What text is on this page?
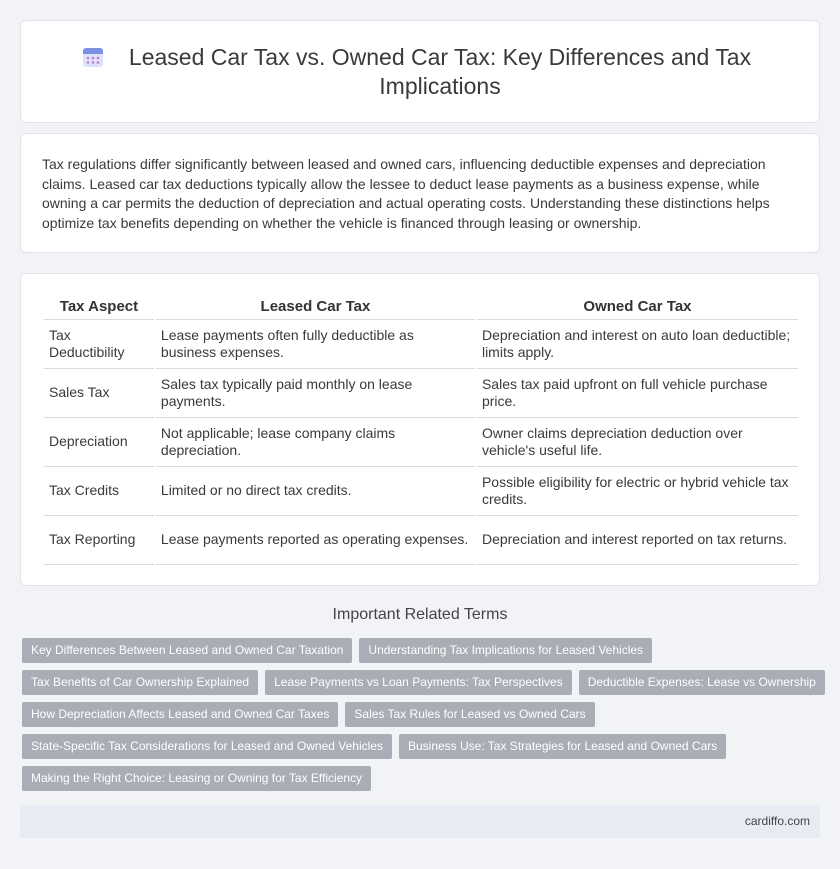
Leased Car Tax vs. Owned Car Tax: Key Differences and Tax Implications

Tax regulations differ significantly between leased and owned cars, influencing deductible expenses and depreciation claims. Leased car tax deductions typically allow the lessee to deduct lease payments as a business expense, while owning a car permits the deduction of depreciation and actual operating costs. Understanding these distinctions helps optimize tax benefits depending on whether the vehicle is financed through leasing or ownership.

Tax Aspect	Leased Car Tax	Owned Car Tax
Tax Deductibility	Lease payments often fully deductible as business expenses.	Depreciation and interest on auto loan deductible; limits apply.
Sales Tax	Sales tax typically paid monthly on lease payments.	Sales tax paid upfront on full vehicle purchase price.
Depreciation	Not applicable; lease company claims depreciation.	Owner claims depreciation deduction over vehicle's useful life.
Tax Credits	Limited or no direct tax credits.	Possible eligibility for electric or hybrid vehicle tax credits.
Tax Reporting	Lease payments reported as operating expenses.	Depreciation and interest reported on tax returns.
Important Related Terms
Key Differences Between Leased and Owned Car Taxation	Understanding Tax Implications for Leased Vehicles
Tax Benefits of Car Ownership Explained	Lease Payments vs Loan Payments: Tax Perspectives	Deductible Expenses: Lease vs Ownership
How Depreciation Affects Leased and Owned Car Taxes	Sales Tax Rules for Leased vs Owned Cars
State-Specific Tax Considerations for Leased and Owned Vehicles	Business Use: Tax Strategies for Leased and Owned Cars
Making the Right Choice: Leasing or Owning for Tax Efficiency
cardiffo.com
